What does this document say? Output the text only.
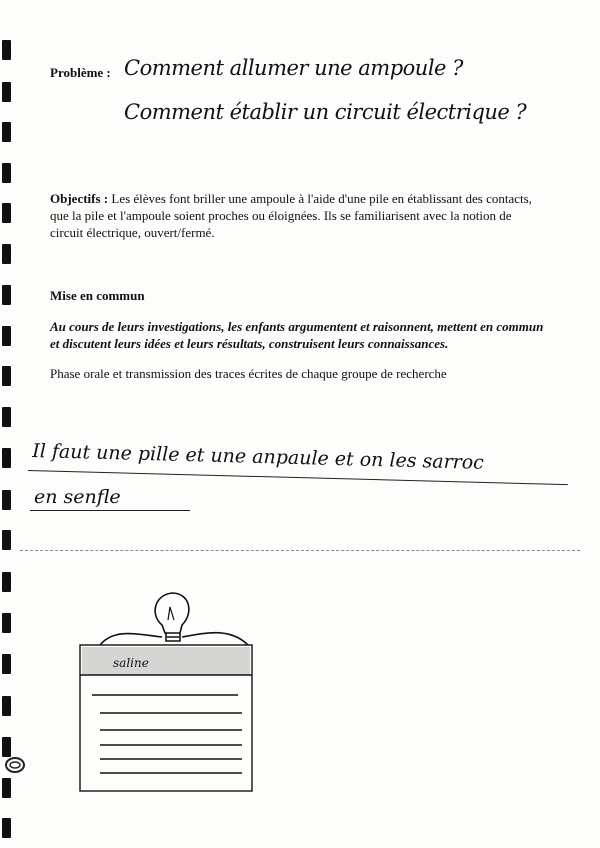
Problème : Comment allumer une ampoule ?
Comment établir un circuit électrique ?
Objectifs : Les élèves font briller une ampoule à l'aide d'une pile en établissant des contacts, que la pile et l'ampoule soient proches ou éloignées. Ils se familiarisent avec la notion de circuit électrique, ouvert/fermé.
Mise en commun
Au cours de leurs investigations, les enfants argumentent et raisonnent, mettent en commun et discutent leurs idées et leurs résultats, construisent leurs connaissances.
Phase orale et transmission des traces écrites de chaque groupe de recherche
Il faut une pille et une anpaule et on les sarroc
en senfle
saline
